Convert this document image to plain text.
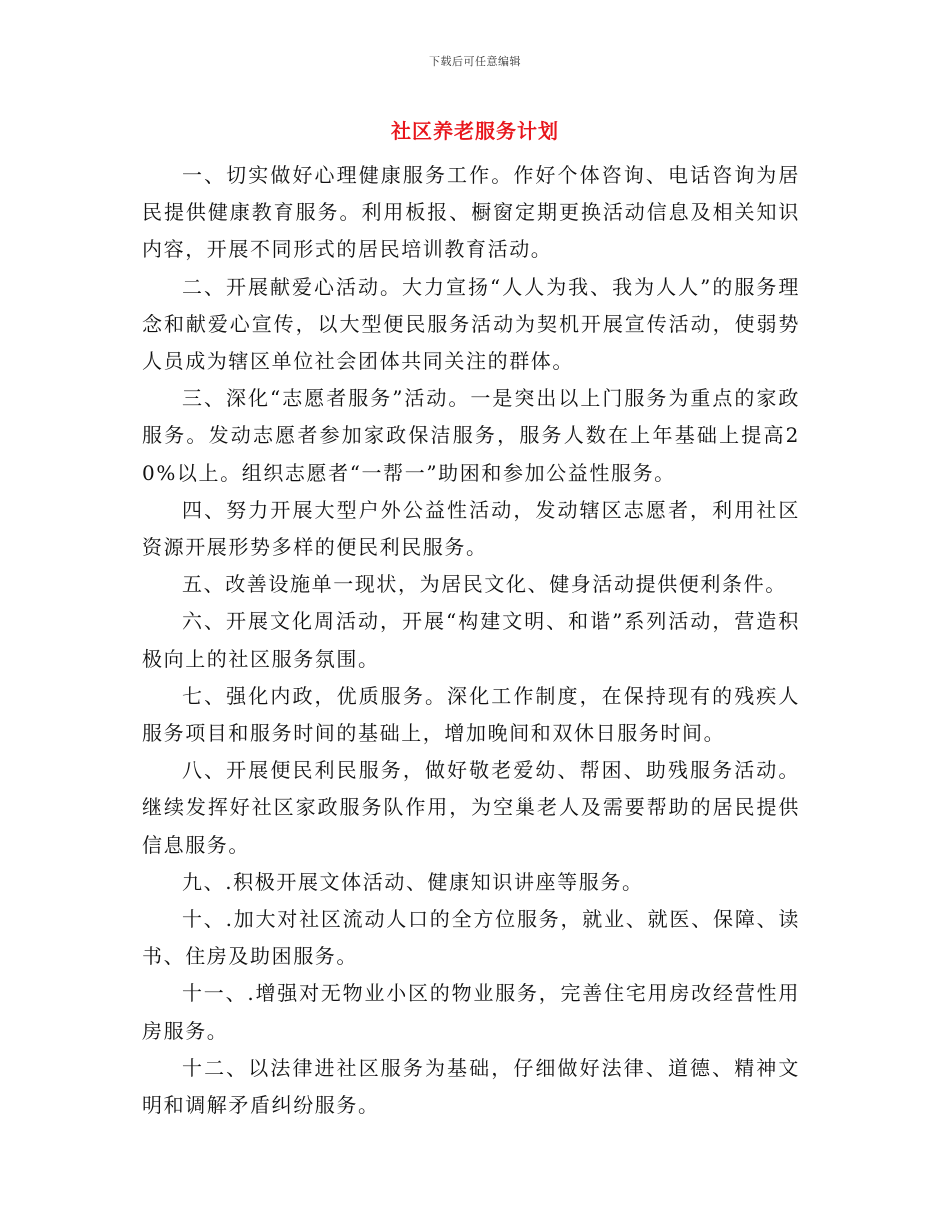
下载后可任意编辑
社区养老服务计划

一、切实做好心理健康服务工作。作好个体咨询、电话咨询为居民提供健康教育服务。利用板报、橱窗定期更换活动信息及相关知识内容，开展不同形式的居民培训教育活动。

二、开展献爱心活动。大力宣扬“人人为我、我为人人”的服务理念和献爱心宣传，以大型便民服务活动为契机开展宣传活动，使弱势人员成为辖区单位社会团体共同关注的群体。

三、深化“志愿者服务”活动。一是突出以上门服务为重点的家政服务。发动志愿者参加家政保洁服务，服务人数在上年基础上提高20%以上。组织志愿者“一帮一”助困和参加公益性服务。

四、努力开展大型户外公益性活动，发动辖区志愿者，利用社区资源开展形势多样的便民利民服务。

五、改善设施单一现状，为居民文化、健身活动提供便利条件。

六、开展文化周活动，开展“构建文明、和谐”系列活动，营造积极向上的社区服务氛围。

七、强化内政，优质服务。深化工作制度，在保持现有的残疾人服务项目和服务时间的基础上，增加晚间和双休日服务时间。

八、开展便民利民服务，做好敬老爱幼、帮困、助残服务活动。继续发挥好社区家政服务队作用，为空巢老人及需要帮助的居民提供信息服务。

九、.积极开展文体活动、健康知识讲座等服务。

十、.加大对社区流动人口的全方位服务，就业、就医、保障、读书、住房及助困服务。

十一、.增强对无物业小区的物业服务，完善住宅用房改经营性用房服务。

十二、以法律进社区服务为基础，仔细做好法律、道德、精神文明和调解矛盾纠纷服务。
